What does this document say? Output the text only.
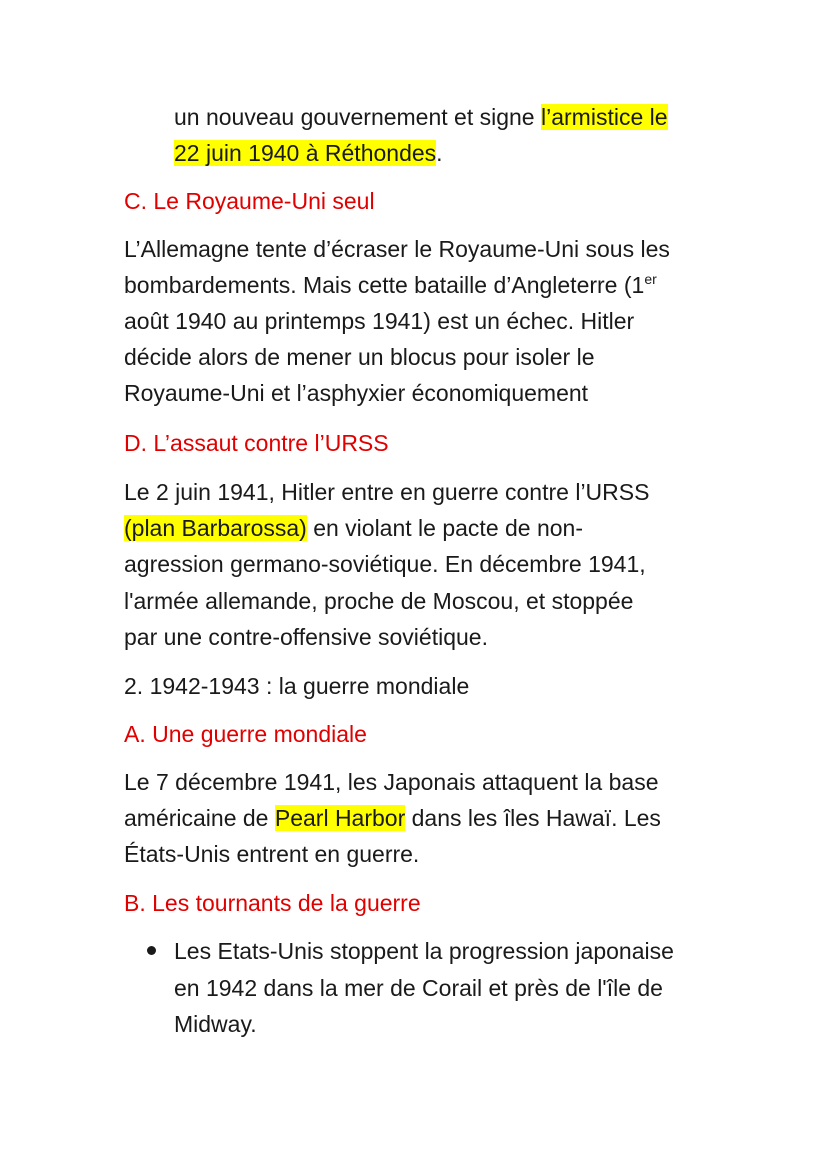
un nouveau gouvernement et signe l’armistice le

22 juin 1940 à Réthondes.

C. Le Royaume-Uni seul

L’Allemagne tente d’écraser le Royaume-Uni sous les

bombardements. Mais cette bataille d’Angleterre (1er

août 1940 au printemps 1941) est un échec. Hitler

décide alors de mener un blocus pour isoler le

Royaume-Uni et l’asphyxier économiquement

D. L’assaut contre l’URSS

Le 2 juin 1941, Hitler entre en guerre contre l’URSS

(plan Barbarossa) en violant le pacte de non-

agression germano-soviétique. En décembre 1941,

l'armée allemande, proche de Moscou, et stoppée

par une contre-offensive soviétique.

2. 1942-1943 : la guerre mondiale
A. Une guerre mondiale

Le 7 décembre 1941, les Japonais attaquent la base

américaine de Pearl Harbor dans les îles Hawaï. Les

États-Unis entrent en guerre.

B. Les tournants de la guerre

Les Etats-Unis stoppent la progression japonaise

en 1942 dans la mer de Corail et près de l'île de

Midway.
